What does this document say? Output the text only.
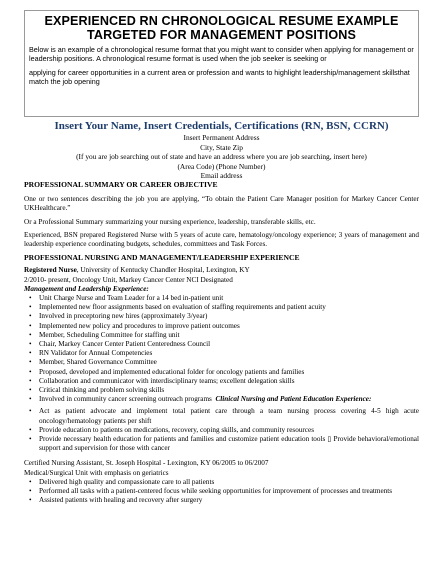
EXPERIENCED RN CHRONOLOGICAL RESUME EXAMPLE
TARGETED FOR MANAGEMENT POSITIONS

Below is an example of a chronological resume format that you might want to consider when applying for management or leadership positions. A chronological resume format is used when the job seeker is seeking or

applying for career opportunities in a current area or profession and wants to highlight leadership/management skillsthat match the job opening

Insert Your Name, Insert Credentials, Certifications (RN, BSN, CCRN)
Insert Permanent Address
City, State Zip
(If you are job searching out of state and have an address where you are job searching, insert here)
(Area Code) (Phone Number)
Email address

PROFESSIONAL SUMMARY OR CAREER OBJECTIVE

One or two sentences describing the job you are applying, “To obtain the Patient Care Manager position for Markey Cancer Center UKHealthcare.”

Or a Professional Summary summarizing your nursing experience, leadership, transferable skills, etc.

Experienced, BSN prepared Registered Nurse with 5 years of acute care, hematology/oncology experience; 3 years of management and leadership experience coordinating budgets, schedules, committees and Task Forces.

PROFESSIONAL NURSING AND MANAGEMENT/LEADERSHIP EXPERIENCE

Registered Nurse, University of Kentucky Chandler Hospital, Lexington, KY

2/2010- present, Oncology Unit, Markey Cancer Center NCI Designated

Management and Leadership Experience:

• Unit Charge Nurse and Team Leader for a 14 bed in-patient unit
• Implemented new floor assignments based on evaluation of staffing requirements and patient acuity
• Involved in preceptoring new hires (approximately 3/year)
• Implemented new policy and procedures to improve patient outcomes
• Member, Scheduling Committee for staffing unit
• Chair, Markey Cancer Center Patient Centeredness Council
• RN Validator for Annual Competencies
• Member, Shared Governance Committee
• Proposed, developed and implemented educational folder for oncology patients and families
• Collaboration and communicator with interdisciplinary teams; excellent delegation skills
• Critical thinking and problem solving skills
• Involved in community cancer screening outreach programs Clinical Nursing and Patient Education Experience:
• Act as patient advocate and implement total patient care through a team nursing process covering 4-5 high acute oncology/hematology patients per shift
• Provide education to patients on medications, recovery, coping skills, and community resources
• Provide necessary health education for patients and families and customize patient education tools ▯ Provide behavioral/emotional support and supervision for those with cancer

Certified Nursing Assistant, St. Joseph Hospital - Lexington, KY 06/2005 to 06/2007

Medical/Surgical Unit with emphasis on geriatrics

• Delivered high quality and compassionate care to all patients
• Performed all tasks with a patient-centered focus while seeking opportunities for improvement of processes and treatments
• Assisted patients with healing and recovery after surgery
